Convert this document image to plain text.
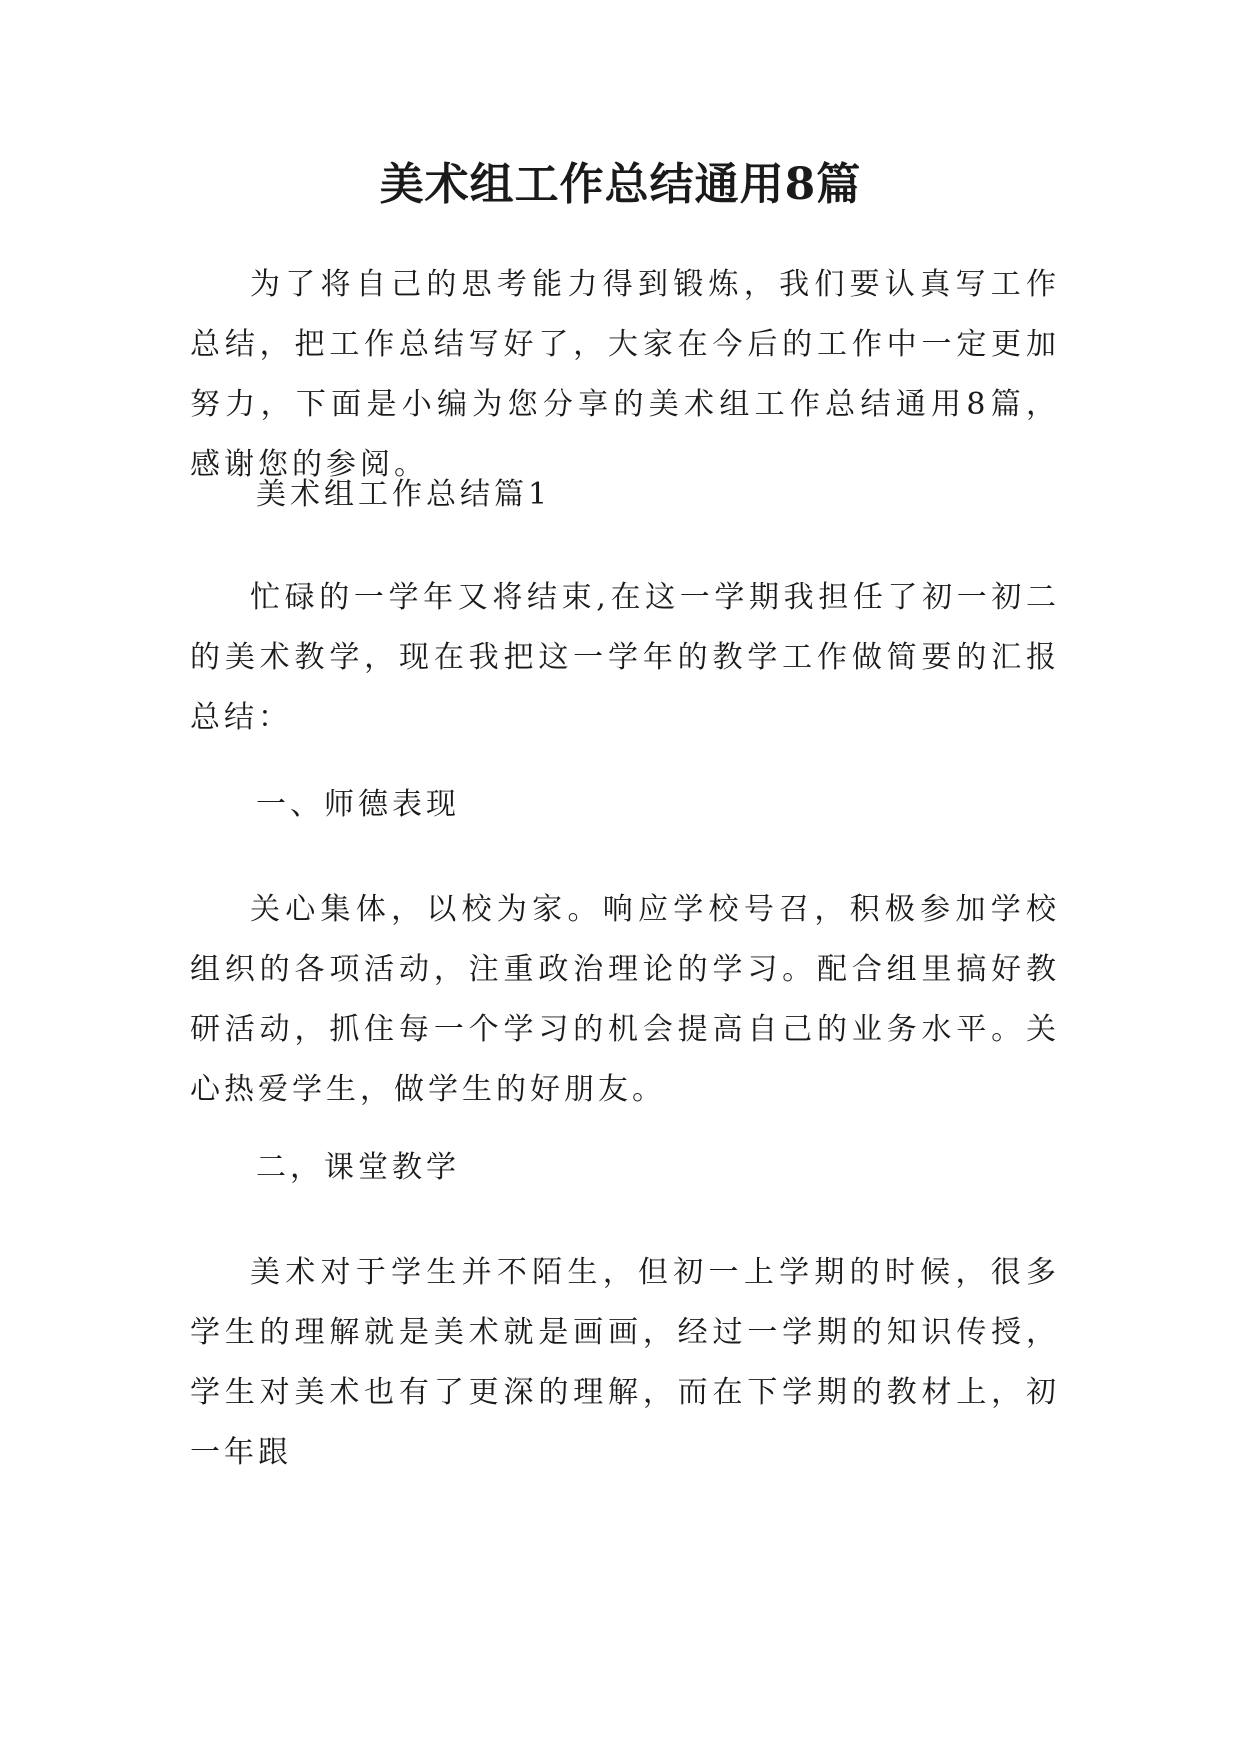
美术组工作总结通用8篇

为了将自己的思考能力得到锻炼，我们要认真写工作总结，把工作总结写好了，大家在今后的工作中一定更加努力，下面是小编为您分享的美术组工作总结通用8篇，感谢您的参阅。

美术组工作总结篇1

忙碌的一学年又将结束,在这一学期我担任了初一初二的美术教学，现在我把这一学年的教学工作做简要的汇报总结：

一、师德表现

关心集体，以校为家。响应学校号召，积极参加学校组织的各项活动，注重政治理论的学习。配合组里搞好教研活动，抓住每一个学习的机会提高自己的业务水平。关心热爱学生，做学生的好朋友。

二，课堂教学

美术对于学生并不陌生，但初一上学期的时候，很多学生的理解就是美术就是画画，经过一学期的知识传授，学生对美术也有了更深的理解，而在下学期的教材上，初一年跟
